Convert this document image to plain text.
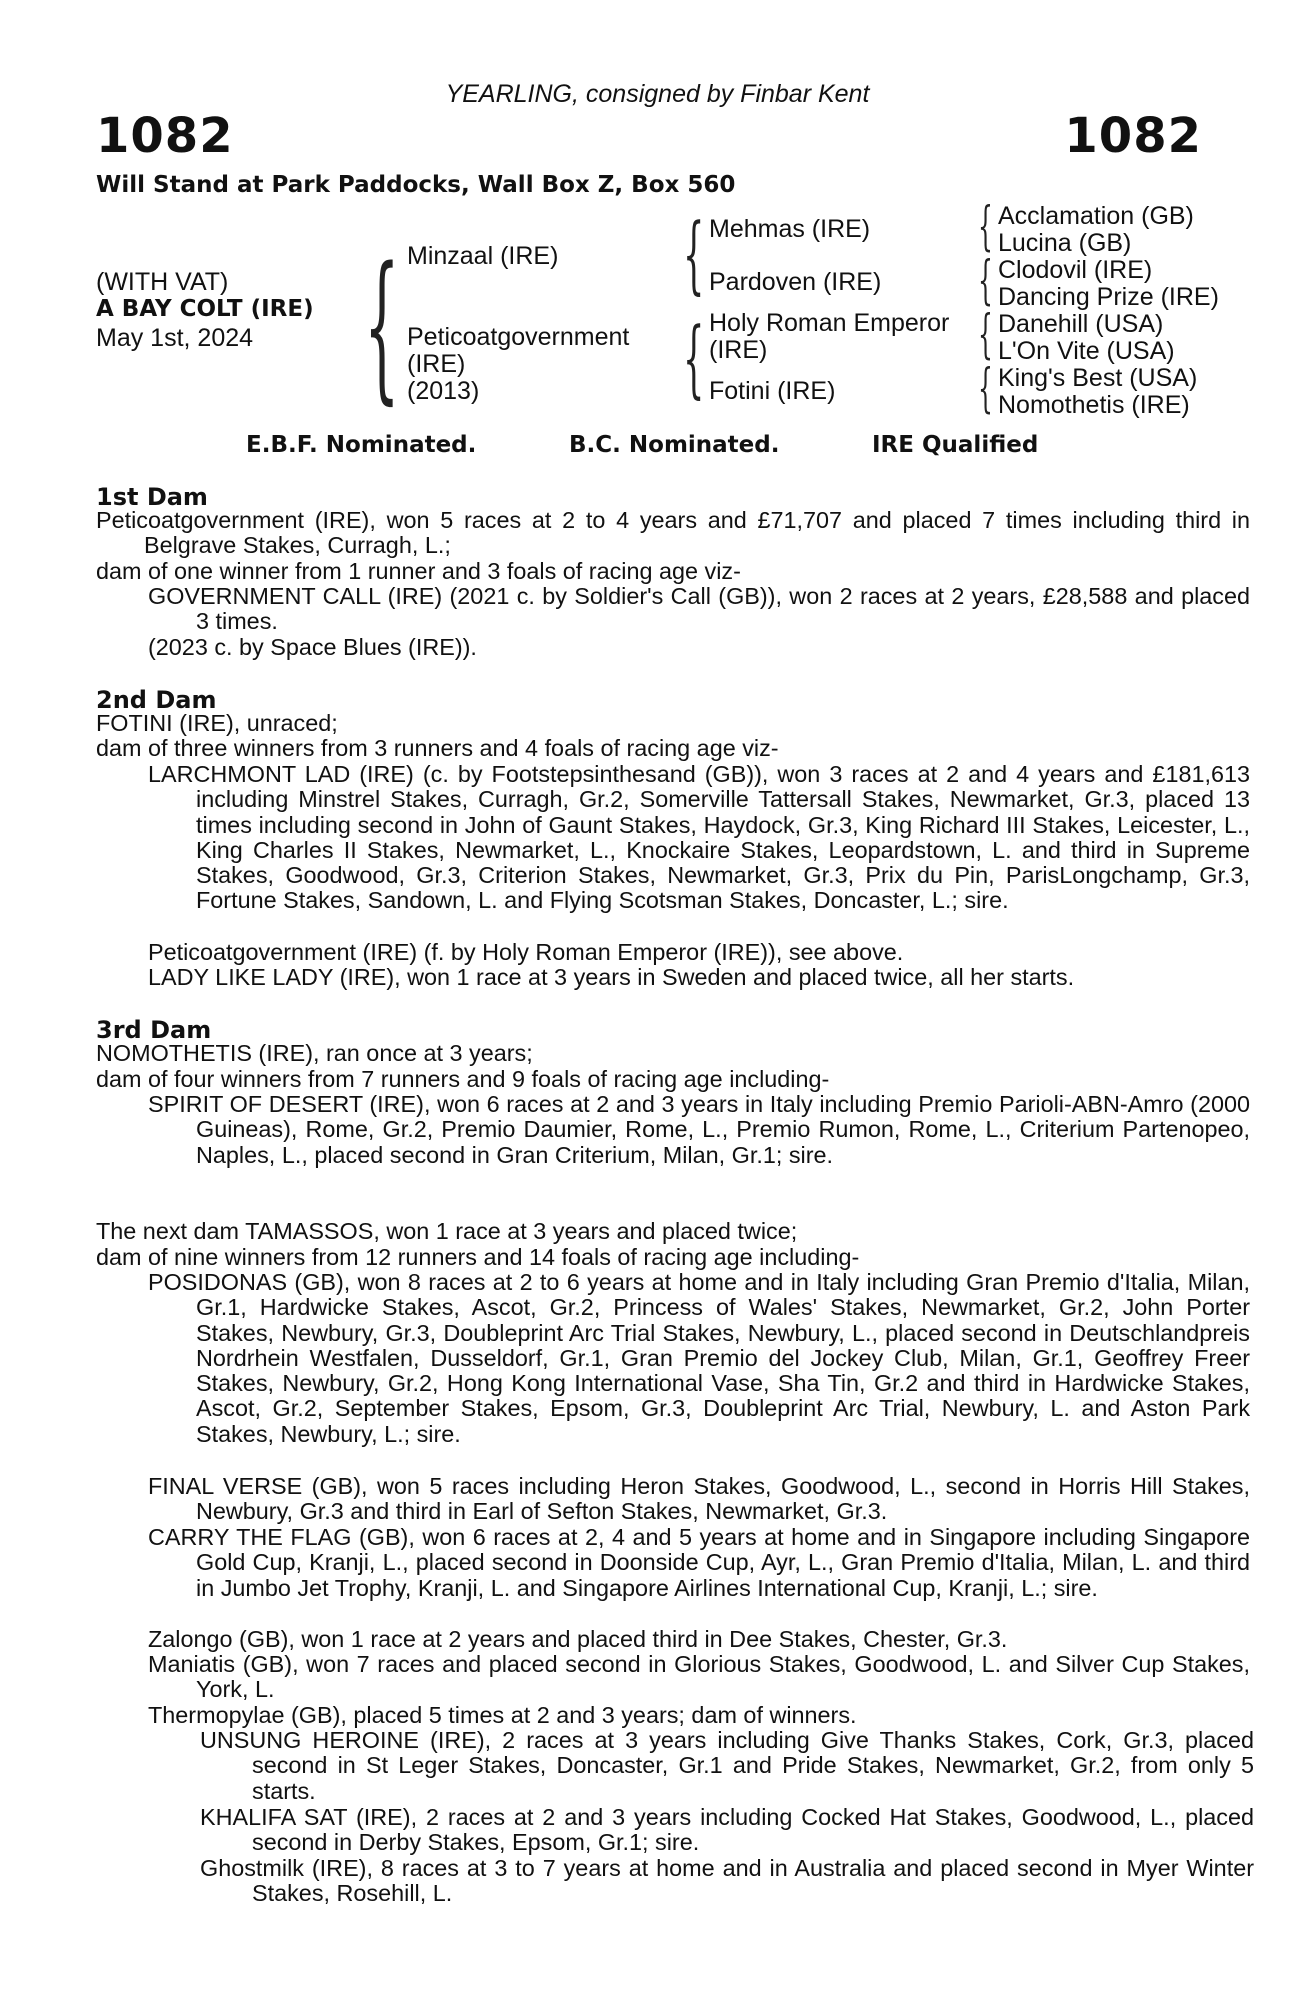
YEARLING, consigned by Finbar Kent
1082	1082
Will Stand at Park Paddocks, Wall Box Z, Box 560
(WITH VAT)
A BAY COLT (IRE)
May 1st, 2024 { Minzaal (IRE)
Peticoatgovernment
(IRE)
(2013)
{
{
Mehmas (IRE)
Pardoven (IRE)
Holy Roman Emperor
(IRE)
Fotini (IRE)
{
{
{
{
Acclamation (GB)
Lucina (GB)
Clodovil (IRE)
Dancing Prize (IRE)
Danehill (USA)
L'On Vite (USA)
King's Best (USA)
Nomothetis (IRE)
E.B.F. Nominated.	B.C. Nominated.	IRE Qualified
1st Dam
Peticoatgovernment (IRE), won 5 races at 2 to 4 years and £71,707 and placed 7 times including third in Belgrave Stakes, Curragh, L.;
dam of one winner from 1 runner and 3 foals of racing age viz-
GOVERNMENT CALL (IRE) (2021 c. by Soldier's Call (GB)), won 2 races at 2 years, £28,588 and placed 3 times.
(2023 c. by Space Blues (IRE)).
2nd Dam
FOTINI (IRE), unraced;
dam of three winners from 3 runners and 4 foals of racing age viz-
LARCHMONT LAD (IRE) (c. by Footstepsinthesand (GB)), won 3 races at 2 and 4 years and £181,613 including Minstrel Stakes, Curragh, Gr.2, Somerville Tattersall Stakes, Newmarket, Gr.3, placed 13 times including second in John of Gaunt Stakes, Haydock, Gr.3, King Richard III Stakes, Leicester, L., King Charles II Stakes, Newmarket, L., Knockaire Stakes, Leopardstown, L. and third in Supreme Stakes, Goodwood, Gr.3, Criterion Stakes, Newmarket, Gr.3, Prix du Pin, ParisLongchamp, Gr.3, Fortune Stakes, Sandown, L. and Flying Scotsman Stakes, Doncaster, L.; sire.
Peticoatgovernment (IRE) (f. by Holy Roman Emperor (IRE)), see above.
LADY LIKE LADY (IRE), won 1 race at 3 years in Sweden and placed twice, all her starts.
3rd Dam
NOMOTHETIS (IRE), ran once at 3 years;
dam of four winners from 7 runners and 9 foals of racing age including-
SPIRIT OF DESERT (IRE), won 6 races at 2 and 3 years in Italy including Premio Parioli-ABN-Amro (2000 Guineas), Rome, Gr.2, Premio Daumier, Rome, L., Premio Rumon, Rome, L., Criterium Partenopeo, Naples, L., placed second in Gran Criterium, Milan, Gr.1; sire.
The next dam TAMASSOS, won 1 race at 3 years and placed twice;
dam of nine winners from 12 runners and 14 foals of racing age including-
POSIDONAS (GB), won 8 races at 2 to 6 years at home and in Italy including Gran Premio d'Italia, Milan, Gr.1, Hardwicke Stakes, Ascot, Gr.2, Princess of Wales' Stakes, Newmarket, Gr.2, John Porter Stakes, Newbury, Gr.3, Doubleprint Arc Trial Stakes, Newbury, L., placed second in Deutschlandpreis Nordrhein Westfalen, Dusseldorf, Gr.1, Gran Premio del Jockey Club, Milan, Gr.1, Geoffrey Freer Stakes, Newbury, Gr.2, Hong Kong International Vase, Sha Tin, Gr.2 and third in Hardwicke Stakes, Ascot, Gr.2, September Stakes, Epsom, Gr.3, Doubleprint Arc Trial, Newbury, L. and Aston Park Stakes, Newbury, L.; sire.
FINAL VERSE (GB), won 5 races including Heron Stakes, Goodwood, L., second in Horris Hill Stakes, Newbury, Gr.3 and third in Earl of Sefton Stakes, Newmarket, Gr.3.
CARRY THE FLAG (GB), won 6 races at 2, 4 and 5 years at home and in Singapore including Singapore Gold Cup, Kranji, L., placed second in Doonside Cup, Ayr, L., Gran Premio d'Italia, Milan, L. and third in Jumbo Jet Trophy, Kranji, L. and Singapore Airlines International Cup, Kranji, L.; sire.
Zalongo (GB), won 1 race at 2 years and placed third in Dee Stakes, Chester, Gr.3.
Maniatis (GB), won 7 races and placed second in Glorious Stakes, Goodwood, L. and Silver Cup Stakes, York, L.
Thermopylae (GB), placed 5 times at 2 and 3 years; dam of winners.
UNSUNG HEROINE (IRE), 2 races at 3 years including Give Thanks Stakes, Cork, Gr.3, placed second in St Leger Stakes, Doncaster, Gr.1 and Pride Stakes, Newmarket, Gr.2, from only 5 starts.
KHALIFA SAT (IRE), 2 races at 2 and 3 years including Cocked Hat Stakes, Goodwood, L., placed second in Derby Stakes, Epsom, Gr.1; sire.
Ghostmilk (IRE), 8 races at 3 to 7 years at home and in Australia and placed second in Myer Winter Stakes, Rosehill, L.
